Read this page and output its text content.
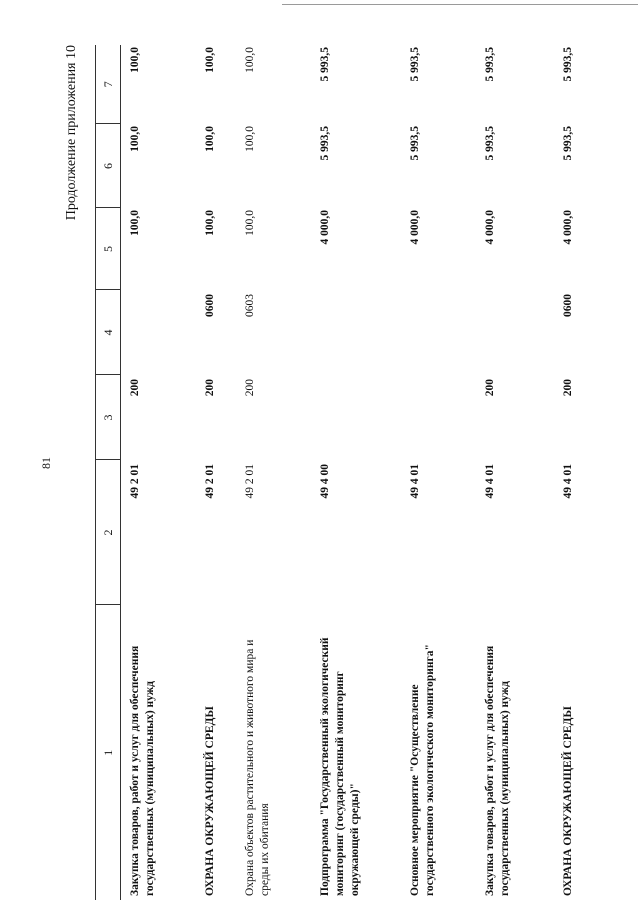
81
Продолжение приложения 10
1	2	3	4	5	6	7
Закупка товаров, работ и услуг для обеспечения государственных (муниципальных) нужд	49 2 01	200		100,0	100,0	100,0
ОХРАНА ОКРУЖАЮЩЕЙ СРЕДЫ	49 2 01	200	0600	100,0	100,0	100,0
Охрана объектов растительного и животного мира и среды их обитания	49 2 01	200	0603	100,0	100,0	100,0
Подпрограмма "Государственный экологический мониторинг (государственный мониторинг окружающей среды)"	49 4 00			4 000,0	5 993,5	5 993,5
Основное мероприятие "Осуществление государственного экологического мониторинга"	49 4 01			4 000,0	5 993,5	5 993,5
Закупка товаров, работ и услуг для обеспечения государственных (муниципальных) нужд	49 4 01	200		4 000,0	5 993,5	5 993,5
ОХРАНА ОКРУЖАЮЩЕЙ СРЕДЫ	49 4 01	200	0600	4 000,0	5 993,5	5 993,5
